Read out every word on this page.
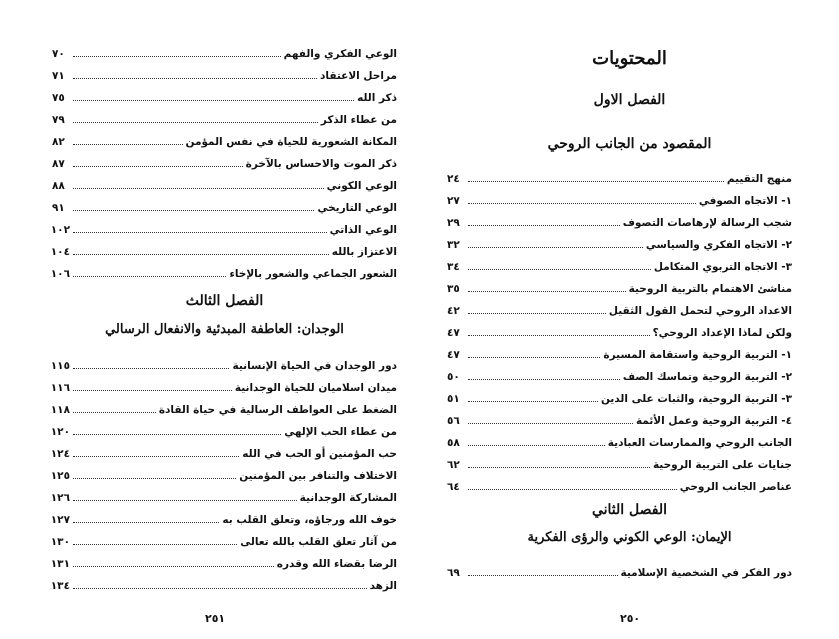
الوعي الفكري والفهم
٧٠
مراحل الاعتقاد
٧١
ذكر الله
٧٥
من عطاء الذكر
٧٩
المكانة الشعورية للحياة في نفس المؤمن
٨٢
ذكر الموت والاحساس بالآخرة
٨٧
الوعي الكوني
٨٨
الوعي التاريخي
٩١
الوعي الذاتي
١٠٢
الاعتزاز بالله
١٠٤
الشعور الجماعي والشعور بالإخاء
١٠٦
الفصل الثالث
الوجدان: العاطفة المبدئية والانفعال الرسالي
دور الوجدان في الحياة الإنسانية
١١٥
ميدان اسلاميان للحياة الوجدانية
١١٦
الضغط على العواطف الرسالية في حياة القادة
١١٨
من عطاء الحب الإلهي
١٢٠
حب المؤمنين أو الحب في الله
١٢٤
الاختلاف والتنافر بين المؤمنين
١٢٥
المشاركة الوجدانية
١٢٦
خوف الله ورجاؤه، وتعلق القلب به
١٢٧
من آثار تعلق القلب بالله تعالى
١٣٠
الرضا بقضاء الله وقدره
١٣١
الزهد
١٣٤
٢٥١
المحتويات
الفصل الاول
المقصود من الجانب الروحي
منهج التقييم
٢٤
١- الاتجاه الصوفي
٢٧
شجب الرسالة لإرهاصات التصوف
٢٩
٢- الاتجاه الفكري والسياسي
٣٢
٣- الاتجاه التربوي المتكامل
٣٤
مناشئ الاهتمام بالتربية الروحية
٣٥
الاعداد الروحي لتحمل القول الثقيل
٤٢
ولكن لماذا الإعداد الروحي؟
٤٧
١- التربية الروحية واستقامة المسيرة
٤٧
٢- التربية الروحية وتماسك الصف
٥٠
٣- التربية الروحية، والثبات على الدين
٥١
٤- التربية الروحية وعمل الأئمة
٥٦
الجانب الروحي والممارسات العبادية
٥٨
جنايات على التربية الروحية
٦٢
عناصر الجانب الروحي
٦٤
الفصل الثاني
الإيمان: الوعي الكوني والرؤى الفكرية
دور الفكر في الشخصية الإسلامية
٦٩
٢٥٠
